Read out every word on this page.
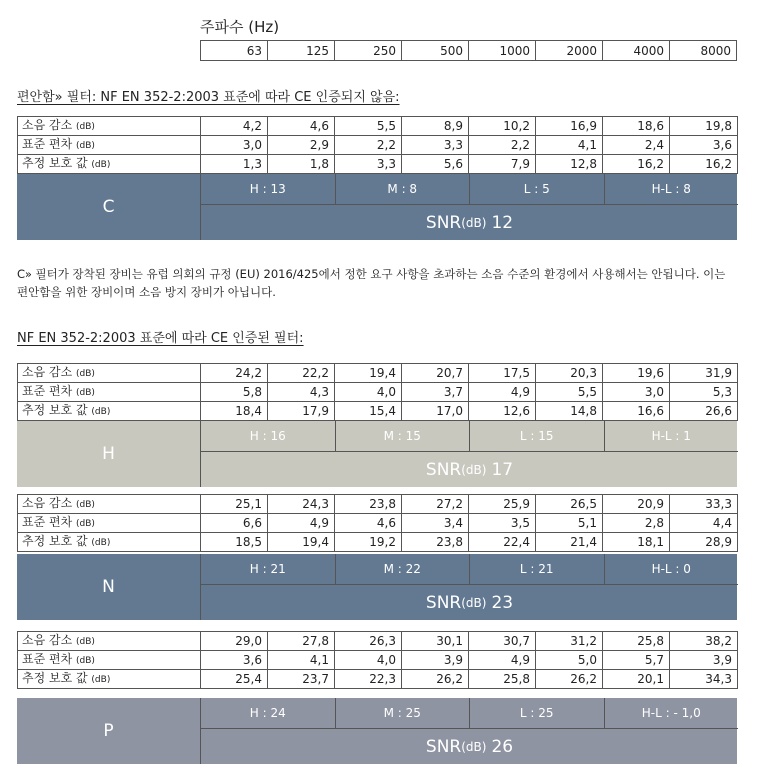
주파수 (Hz)
63	125	250	500	1000	2000	4000	8000
편안함» 필터: NF EN 352-2:2003 표준에 따라 CE 인증되지 않음:
소음 감소 (dB)	4,2	4,6	5,5	8,9	10,2	16,9	18,6	19,8
표준 편차 (dB)	3,0	2,9	2,2	3,3	2,2	4,1	2,4	3,6
추정 보호 값 (dB)	1,3	1,8	3,3	5,6	7,9	12,8	16,2	16,2
C
H : 13	M : 8	L : 5	H-L : 8
SNR (dB) 12
소음 감소 (dB)	24,2	22,2	19,4	20,7	17,5	20,3	19,6	31,9
표준 편차 (dB)	5,8	4,3	4,0	3,7	4,9	5,5	3,0	5,3
추정 보호 값 (dB)	18,4	17,9	15,4	17,0	12,6	14,8	16,6	26,6
H
H : 16	M : 15	L : 15	H-L : 1
SNR (dB) 17
소음 감소 (dB)	25,1	24,3	23,8	27,2	25,9	26,5	20,9	33,3
표준 편차 (dB)	6,6	4,9	4,6	3,4	3,5	5,1	2,8	4,4
추정 보호 값 (dB)	18,5	19,4	19,2	23,8	22,4	21,4	18,1	28,9
N
H : 21	M : 22	L : 21	H-L : 0
SNR (dB) 23
소음 감소 (dB)	29,0	27,8	26,3	30,1	30,7	31,2	25,8	38,2
표준 편차 (dB)	3,6	4,1	4,0	3,9	4,9	5,0	5,7	3,9
추정 보호 값 (dB)	25,4	23,7	22,3	26,2	25,8	26,2	20,1	34,3
P
H : 24	M : 25	L : 25	H-L : - 1,0
SNR (dB) 26
C» 필터가 장착된 장비는 유럽 의회의 규정 (EU) 2016/425에서 정한 요구 사항을 초과하는 소음 수준의 환경에서 사용해서는 안됩니다. 이는 편안함을 위한 장비이며 소음 방지 장비가 아닙니다.
NF EN 352-2:2003 표준에 따라 CE 인증된 필터:
